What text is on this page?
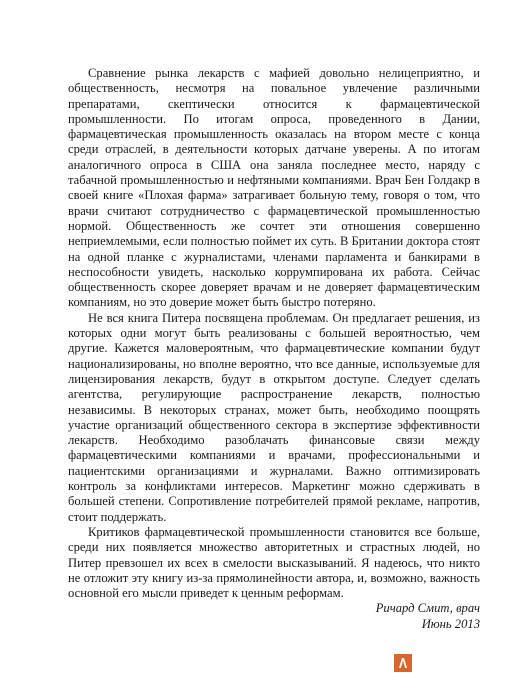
Сравнение рынка лекарств с мафией довольно нелицеприятно, и общественность, несмотря на повальное увлечение различными препаратами, скептически относится к фармацевтической промышленности. По итогам опроса, проведенного в Дании, фармацевтическая промышленность оказалась на втором месте с конца среди отраслей, в деятельности которых датчане уверены. А по итогам аналогичного опроса в США она заняла последнее место, наряду с табачной промышленностью и нефтяными компаниями. Врач Бен Голдакр в своей книге «Плохая фарма» затрагивает больную тему, говоря о том, что врачи считают сотрудничество с фармацевтической промышленностью нормой. Общественность же сочтет эти отношения совершенно неприемлемыми, если полностью поймет их суть. В Британии доктора стоят на одной планке с журналистами, членами парламента и банкирами в неспособности увидеть, насколько коррумпирована их работа. Сейчас общественность скорее доверяет врачам и не доверяет фармацевтическим компаниям, но это доверие может быть быстро потеряно.

Не вся книга Питера посвящена проблемам. Он предлагает решения, из которых одни могут быть реализованы с большей вероятностью, чем другие. Кажется маловероятным, что фармацевтические компании будут национализированы, но вполне вероятно, что все данные, используемые для лицензирования лекарств, будут в открытом доступе. Следует сделать агентства, регулирующие распространение лекарств, полностью независимы. В некоторых странах, может быть, необходимо поощрять участие организаций общественного сектора в экспертизе эффективности лекарств. Необходимо разоблачать финансовые связи между фармацевтическими компаниями и врачами, профессиональными и пациентскими организациями и журналами. Важно оптимизировать контроль за конфликтами интересов. Маркетинг можно сдерживать в большей степени. Сопротивление потребителей прямой рекламе, напротив, стоит поддержать.

Критиков фармацевтической промышленности становится все больше, среди них появляется множество авторитетных и страстных людей, но Питер превзошел их всех в смелости высказываний. Я надеюсь, что никто не отложит эту книгу из-за прямолинейности автора, и, возможно, важность основной его мысли приведет к ценным реформам.

Ричард Смит, врач

Июнь 2013
